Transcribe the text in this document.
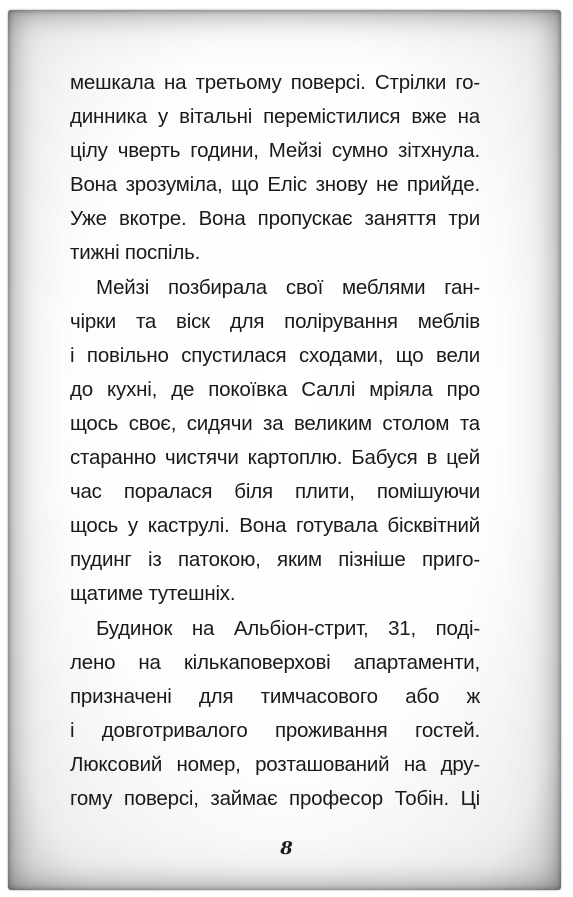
мешкала на третьому поверсі. Стрілки го-
динника у вітальні перемістилися вже на
цілу чверть години, Мейзі сумно зітхнула.
Вона зрозуміла, що Еліс знову не прийде.
Уже вкотре. Вона пропускає заняття три
тижні поспіль.
Мейзі позбирала свої меблями ган-
чірки та віск для полірування меблів
і повільно спустилася сходами, що вели
до кухні, де покоївка Саллі мріяла про
щось своє, сидячи за великим столом та
старанно чистячи картоплю. Бабуся в цей
час поралася біля плити, помішуючи
щось у каструлі. Вона готувала бісквітний
пудинг із патокою, яким пізніше приго-
щатиме тутешніх.
Будинок на Альбіон-стрит, 31, поді-
лено на кількаповерхові апартаменти,
призначені для тимчасового або ж
і довготривалого проживання гостей.
Люксовий номер, розташований на дру-
гому поверсі, займає професор Тобін. Ці
8
